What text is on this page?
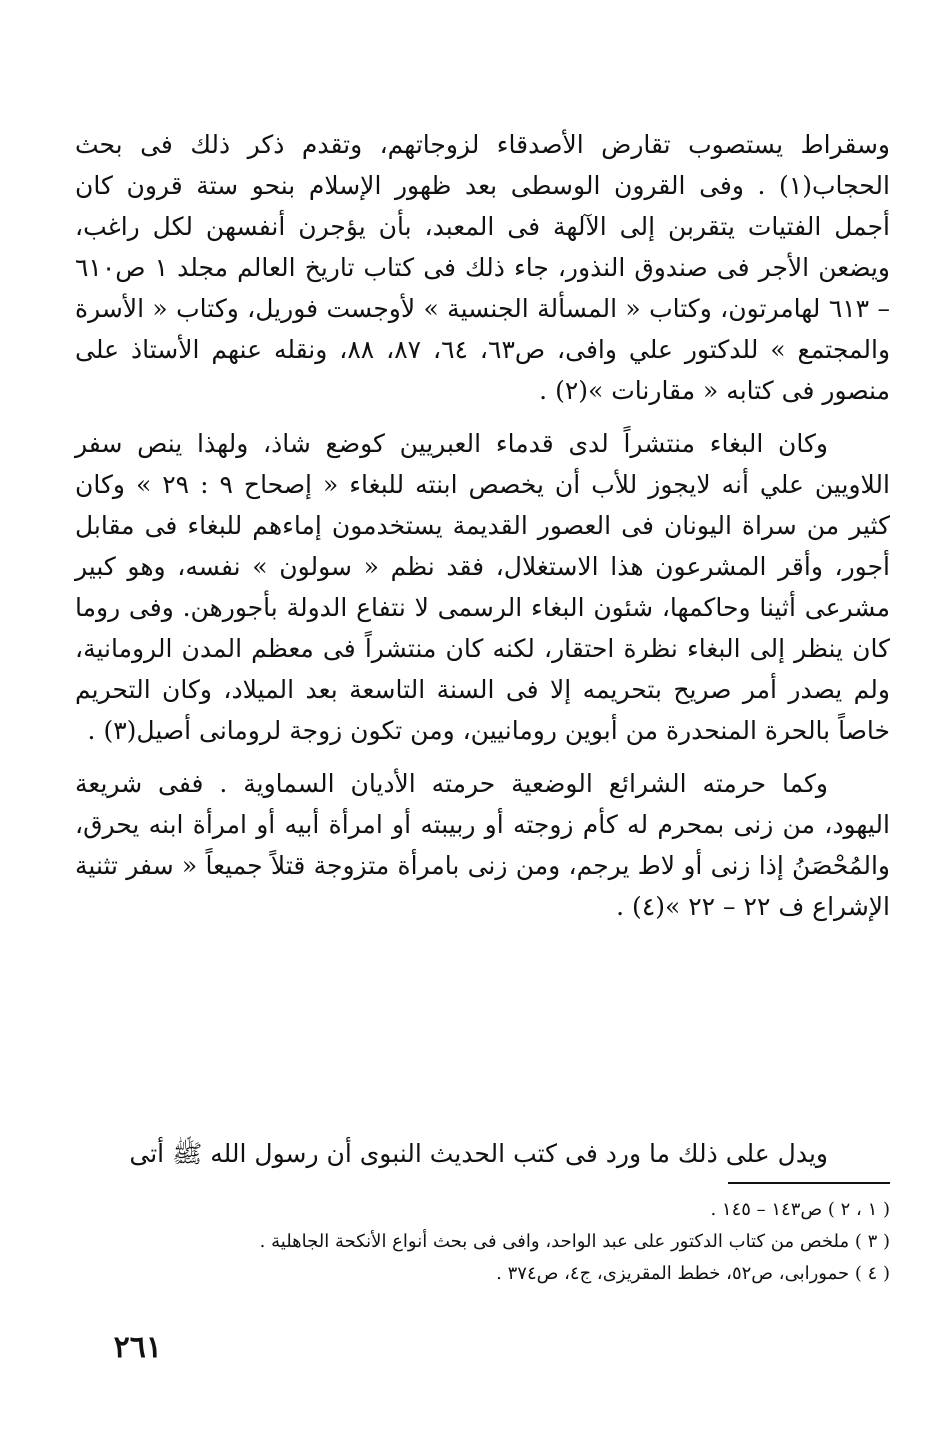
وسقراط يستصوب تقارض الأصدقاء لزوجاتهم، وتقدم ذكر ذلك فى بحث الحجاب(١) . وفى القرون الوسطى بعد ظهور الإسلام بنحو ستة قرون كان أجمل الفتيات يتقربن إلى الآلهة فى المعبد، بأن يؤجرن أنفسهن لكل راغب، ويضعن الأجر فى صندوق النذور، جاء ذلك فى كتاب تاريخ العالم مجلد ١ ص٦١٠ – ٦١٣ لهامرتون، وكتاب « المسألة الجنسية » لأوجست فوريل، وكتاب « الأسرة والمجتمع » للدكتور علي وافى، ص٦٣، ٦٤، ٨٧، ٨٨، ونقله عنهم الأستاذ على منصور فى كتابه « مقارنات »(٢) .

وكان البغاء منتشراً لدى قدماء العبريين كوضع شاذ، ولهذا ينص سفر اللاويين علي أنه لايجوز للأب أن يخصص ابنته للبغاء « إصحاح ٩ : ٢٩ » وكان كثير من سراة اليونان فى العصور القديمة يستخدمون إماءهم للبغاء فى مقابل أجور، وأقر المشرعون هذا الاستغلال، فقد نظم « سولون » نفسه، وهو كبير مشرعى أثينا وحاكمها، شئون البغاء الرسمى لا نتفاع الدولة بأجورهن. وفى روما كان ينظر إلى البغاء نظرة احتقار، لكنه كان منتشراً فى معظم المدن الرومانية، ولم يصدر أمر صريح بتحريمه إلا فى السنة التاسعة بعد الميلاد، وكان التحريم خاصاً بالحرة المنحدرة من أبوين رومانيين، ومن تكون زوجة لرومانى أصيل(٣) .

وكما حرمته الشرائع الوضعية حرمته الأديان السماوية . ففى شريعة اليهود، من زنى بمحرم له كأم زوجته أو ربيبته أو امرأة أبيه أو امرأة ابنه يحرق، والمُحْصَنُ إذا زنى أو لاط يرجم، ومن زنى بامرأة متزوجة قتلاً جميعاً « سفر تثنية الإشراع ف ٢٢ – ٢٢ »(٤) .

ويدل على ذلك ما ورد فى كتب الحديث النبوى أن رسول الله ﷺ أتى

( ١ ، ٢ ) ص١٤٣ – ١٤٥ .

( ٣ ) ملخص من كتاب الدكتور على عبد الواحد، وافى فى بحث أنواع الأنكحة الجاهلية .

( ٤ ) حمورابى، ص٥٢، خطط المقريزى، ج٤، ص٣٧٤ .

٢٦١
